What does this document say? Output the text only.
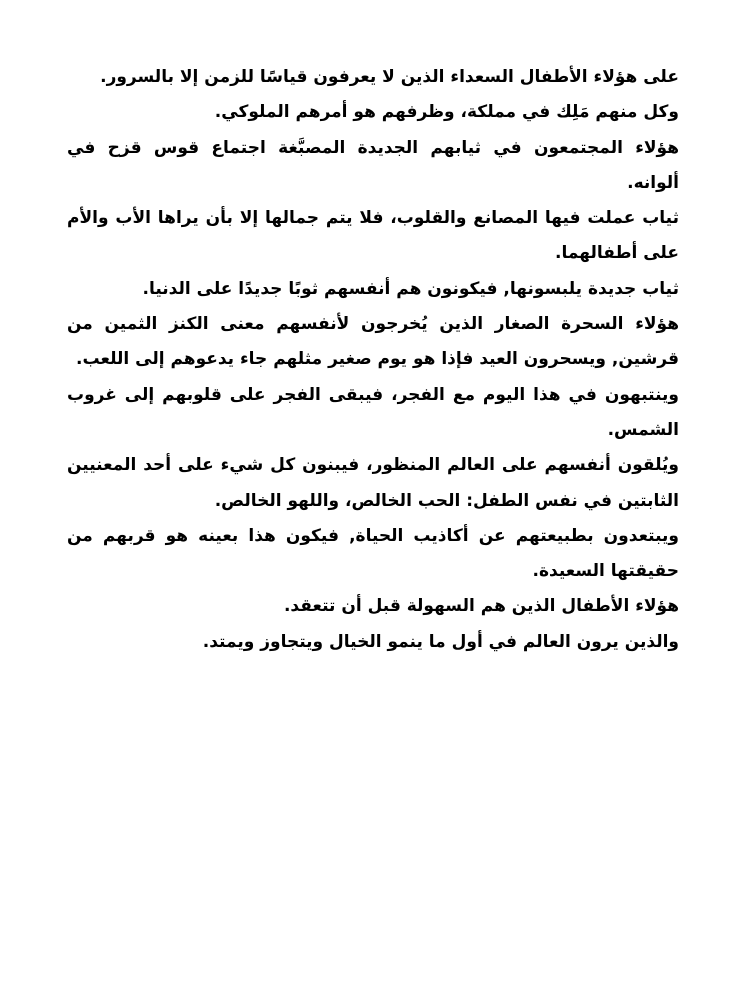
على هؤلاء الأطفال السعداء الذين لا يعرفون قياسًا للزمن إلا بالسرور.

وكل منهم مَلِك في مملكة، وظرفهم هو أمرهم الملوكي.

هؤلاء المجتمعون في ثيابهم الجديدة المصبَّغة اجتماع قوس قزح في ألوانه.

ثياب عملت فيها المصانع والقلوب، فلا يتم جمالها إلا بأن يراها الأب والأم على أطفالهما.

ثياب جديدة يلبسونها, فيكونون هم أنفسهم ثوبًا جديدًا على الدنيا.

هؤلاء السحرة الصغار الذين يُخرجون لأنفسهم معنى الكنز الثمين من قرشين, ويسحرون العيد فإذا هو يوم صغير مثلهم جاء يدعوهم إلى اللعب.

وينتبهون في هذا اليوم مع الفجر، فيبقى الفجر على قلوبهم إلى غروب الشمس.

ويُلقون أنفسهم على العالم المنظور، فيبنون كل شيء على أحد المعنيين الثابتين في نفس الطفل: الحب الخالص، واللهو الخالص.

ويبتعدون بطبيعتهم عن أكاذيب الحياة, فيكون هذا بعينه هو قربهم من حقيقتها السعيدة.

هؤلاء الأطفال الذين هم السهولة قبل أن تتعقد.

والذين يرون العالم في أول ما ينمو الخيال ويتجاوز ويمتد.
